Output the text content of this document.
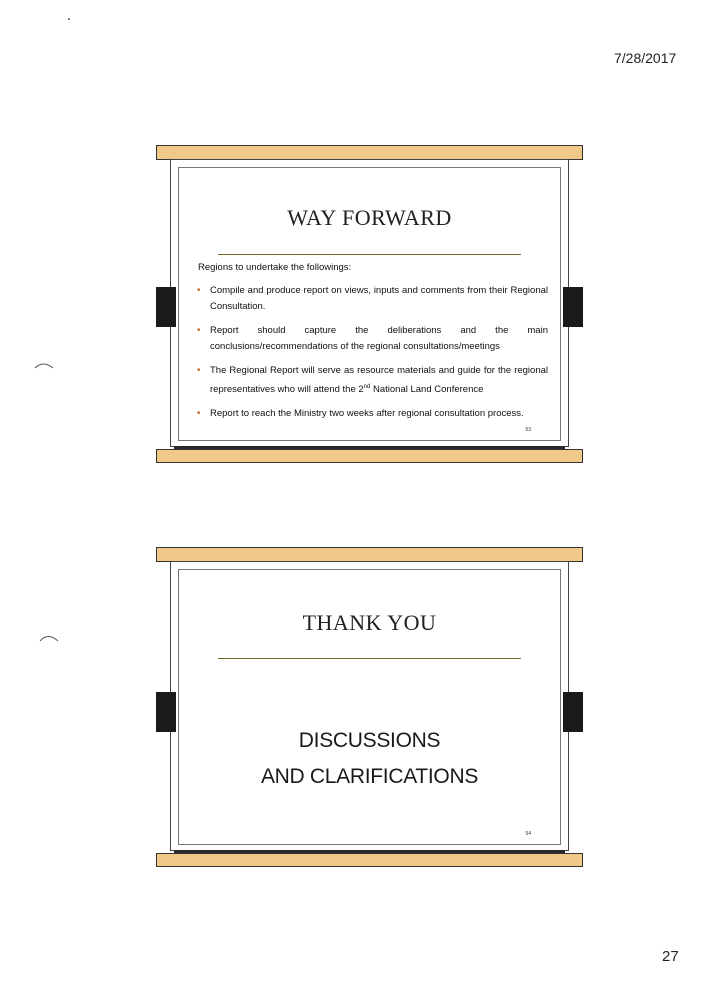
7/28/2017
WAY FORWARD
Regions to undertake the followings:
• Compile and produce report on views, inputs and comments from their Regional Consultation.
• Report should capture the deliberations and the main conclusions/recommendations of the regional consultations/meetings
• The Regional Report will serve as resource materials and guide for the regional representatives who will attend the 2nd National Land Conference
• Report to reach the Ministry two weeks after regional consultation process.
53
THANK YOU
DISCUSSIONS
AND CLARIFICATIONS
54
27
